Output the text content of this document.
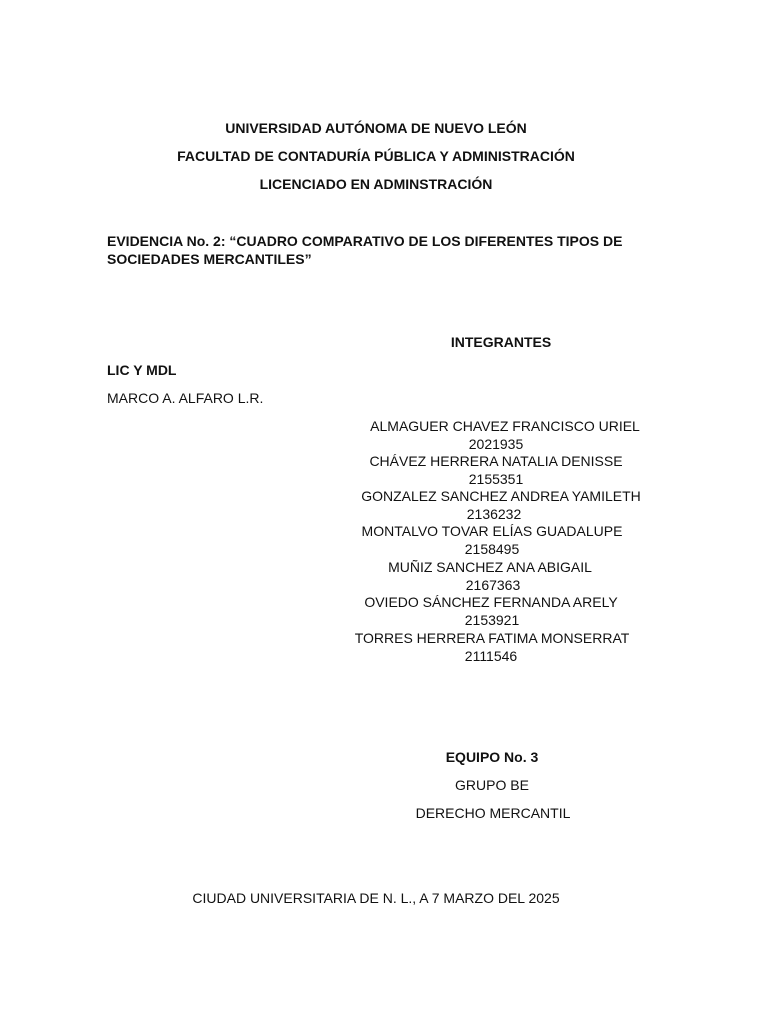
UNIVERSIDAD AUTÓNOMA DE NUEVO LEÓN
FACULTAD DE CONTADURÍA PÚBLICA Y ADMINISTRACIÓN
LICENCIADO EN ADMINSTRACIÓN
EVIDENCIA No. 2: “CUADRO COMPARATIVO DE LOS DIFERENTES TIPOS DE SOCIEDADES MERCANTILES”
INTEGRANTES
LIC Y MDL
MARCO A. ALFARO L.R.
ALMAGUER CHAVEZ FRANCISCO URIEL
2021935
CHÁVEZ HERRERA NATALIA DENISSE
2155351
GONZALEZ SANCHEZ ANDREA YAMILETH
2136232
MONTALVO TOVAR ELÍAS GUADALUPE
2158495
MUÑIZ SANCHEZ ANA ABIGAIL
2167363
OVIEDO SÁNCHEZ FERNANDA ARELY
2153921
TORRES HERRERA FATIMA MONSERRAT
2111546
EQUIPO No. 3
GRUPO BE
DERECHO MERCANTIL
CIUDAD UNIVERSITARIA DE N. L., A 7 MARZO DEL 2025
